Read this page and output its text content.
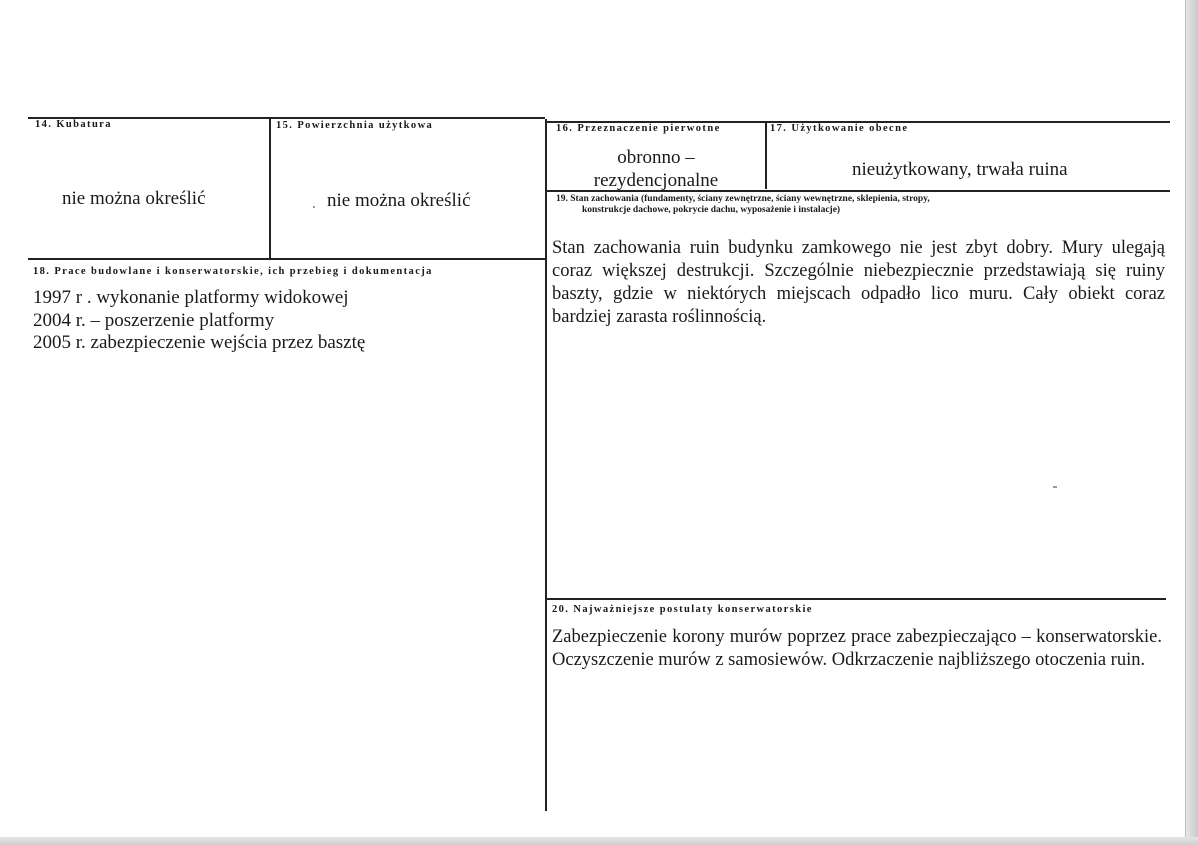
14. Kubatura
nie można określić
15. Powierzchnia użytkowa
nie można określić
16. Przeznaczenie pierwotne
obronno –
rezydencjonalne
17. Użytkowanie obecne
nieużytkowany, trwała ruina
19. Stan zachowania (fundamenty, ściany zewnętrzne, ściany wewnętrzne, sklepienia, stropy,
konstrukcje dachowe, pokrycie dachu, wyposażenie i instalacje)
Stan zachowania ruin budynku zamkowego nie jest zbyt dobry. Mury ulegają coraz większej destrukcji. Szczególnie niebezpiecznie przedstawiają się ruiny baszty, gdzie w niektórych miejscach odpadło lico muru. Cały obiekt coraz bardziej zarasta roślinnością.
18. Prace budowlane i konserwatorskie, ich przebieg i dokumentacja
1997 r . wykonanie platformy widokowej
2004 r. – poszerzenie platformy
2005 r. zabezpieczenie wejścia przez basztę
20. Najważniejsze postulaty konserwatorskie
Zabezpieczenie korony murów poprzez prace zabezpieczająco – konserwatorskie. Oczyszczenie murów z samosiewów. Odkrzaczenie najbliższego otoczenia ruin.
